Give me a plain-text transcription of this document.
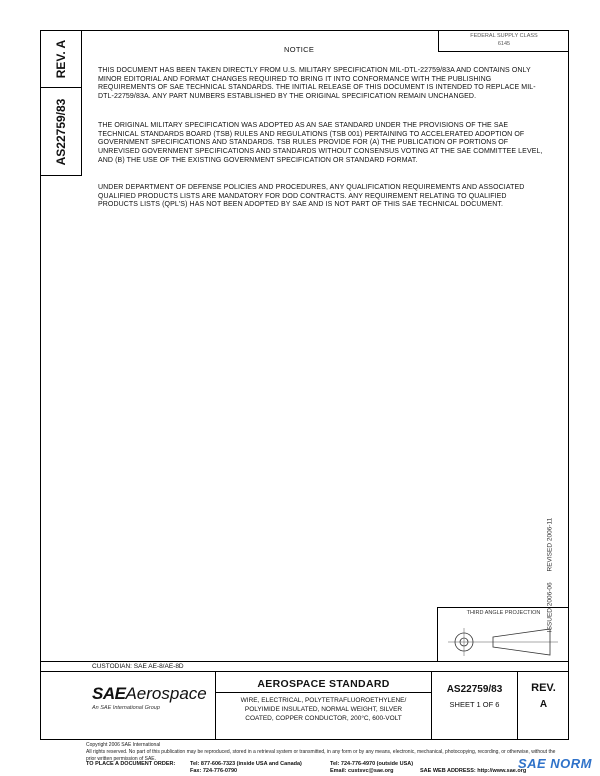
REV. A
AS22759/83
NOTICE
FEDERAL SUPPLY CLASS
6145
THIS DOCUMENT HAS BEEN TAKEN DIRECTLY FROM U.S. MILITARY SPECIFICATION MIL-DTL-22759/83A AND CONTAINS ONLY MINOR EDITORIAL AND FORMAT CHANGES REQUIRED TO BRING IT INTO CONFORMANCE WITH THE PUBLISHING REQUIREMENTS OF SAE TECHNICAL STANDARDS. THE INITIAL RELEASE OF THIS DOCUMENT IS INTENDED TO REPLACE MIL-DTL-22759/83A. ANY PART NUMBERS ESTABLISHED BY THE ORIGINAL SPECIFICATION REMAIN UNCHANGED.
THE ORIGINAL MILITARY SPECIFICATION WAS ADOPTED AS AN SAE STANDARD UNDER THE PROVISIONS OF THE SAE TECHNICAL STANDARDS BOARD (TSB) RULES AND REGULATIONS (TSB 001) PERTAINING TO ACCELERATED ADOPTION OF GOVERNMENT SPECIFICATIONS AND STANDARDS. TSB RULES PROVIDE FOR (A) THE PUBLICATION OF PORTIONS OF UNREVISED GOVERNMENT SPECIFICATIONS AND STANDARDS WITHOUT CONSENSUS VOTING AT THE SAE COMMITTEE LEVEL, AND (B) THE USE OF THE EXISTING GOVERNMENT SPECIFICATION OR STANDARD FORMAT.
UNDER DEPARTMENT OF DEFENSE POLICIES AND PROCEDURES, ANY QUALIFICATION REQUIREMENTS AND ASSOCIATED QUALIFIED PRODUCTS LISTS ARE MANDATORY FOR DOD CONTRACTS. ANY REQUIREMENT RELATING TO QUALIFIED PRODUCTS LISTS (QPL'S) HAS NOT BEEN ADOPTED BY SAE AND IS NOT PART OF THIS SAE TECHNICAL DOCUMENT.
ISSUED 2006-06      REVISED 2006-11
THIRD ANGLE PROJECTION
CUSTODIAN: SAE AE-8/AE-8D
SAEAerospace
An SAE International Group
AEROSPACE STANDARD
WIRE, ELECTRICAL, POLYTETRAFLUOROETHYLENE/
POLYIMIDE INSULATED, NORMAL WEIGHT, SILVER
COATED, COPPER CONDUCTOR, 200°C, 600-VOLT
AS22759/83
SHEET 1 OF 6
REV.
A
Copyright 2006 SAE International
All rights reserved. No part of this publication may be reproduced, stored in a retrieval system or transmitted, in any form or by any means, electronic, mechanical, photocopying, recording, or otherwise, without the prior written permission of SAE.
TO PLACE A DOCUMENT ORDER:	Tel: 877-606-7323 (inside USA and Canada)
Fax: 724-776-0790
Tel: 724-776-4970 (outside USA)
Email: custsvc@sae.org	SAE WEB ADDRESS: http://www.sae.org
SAE NORM
